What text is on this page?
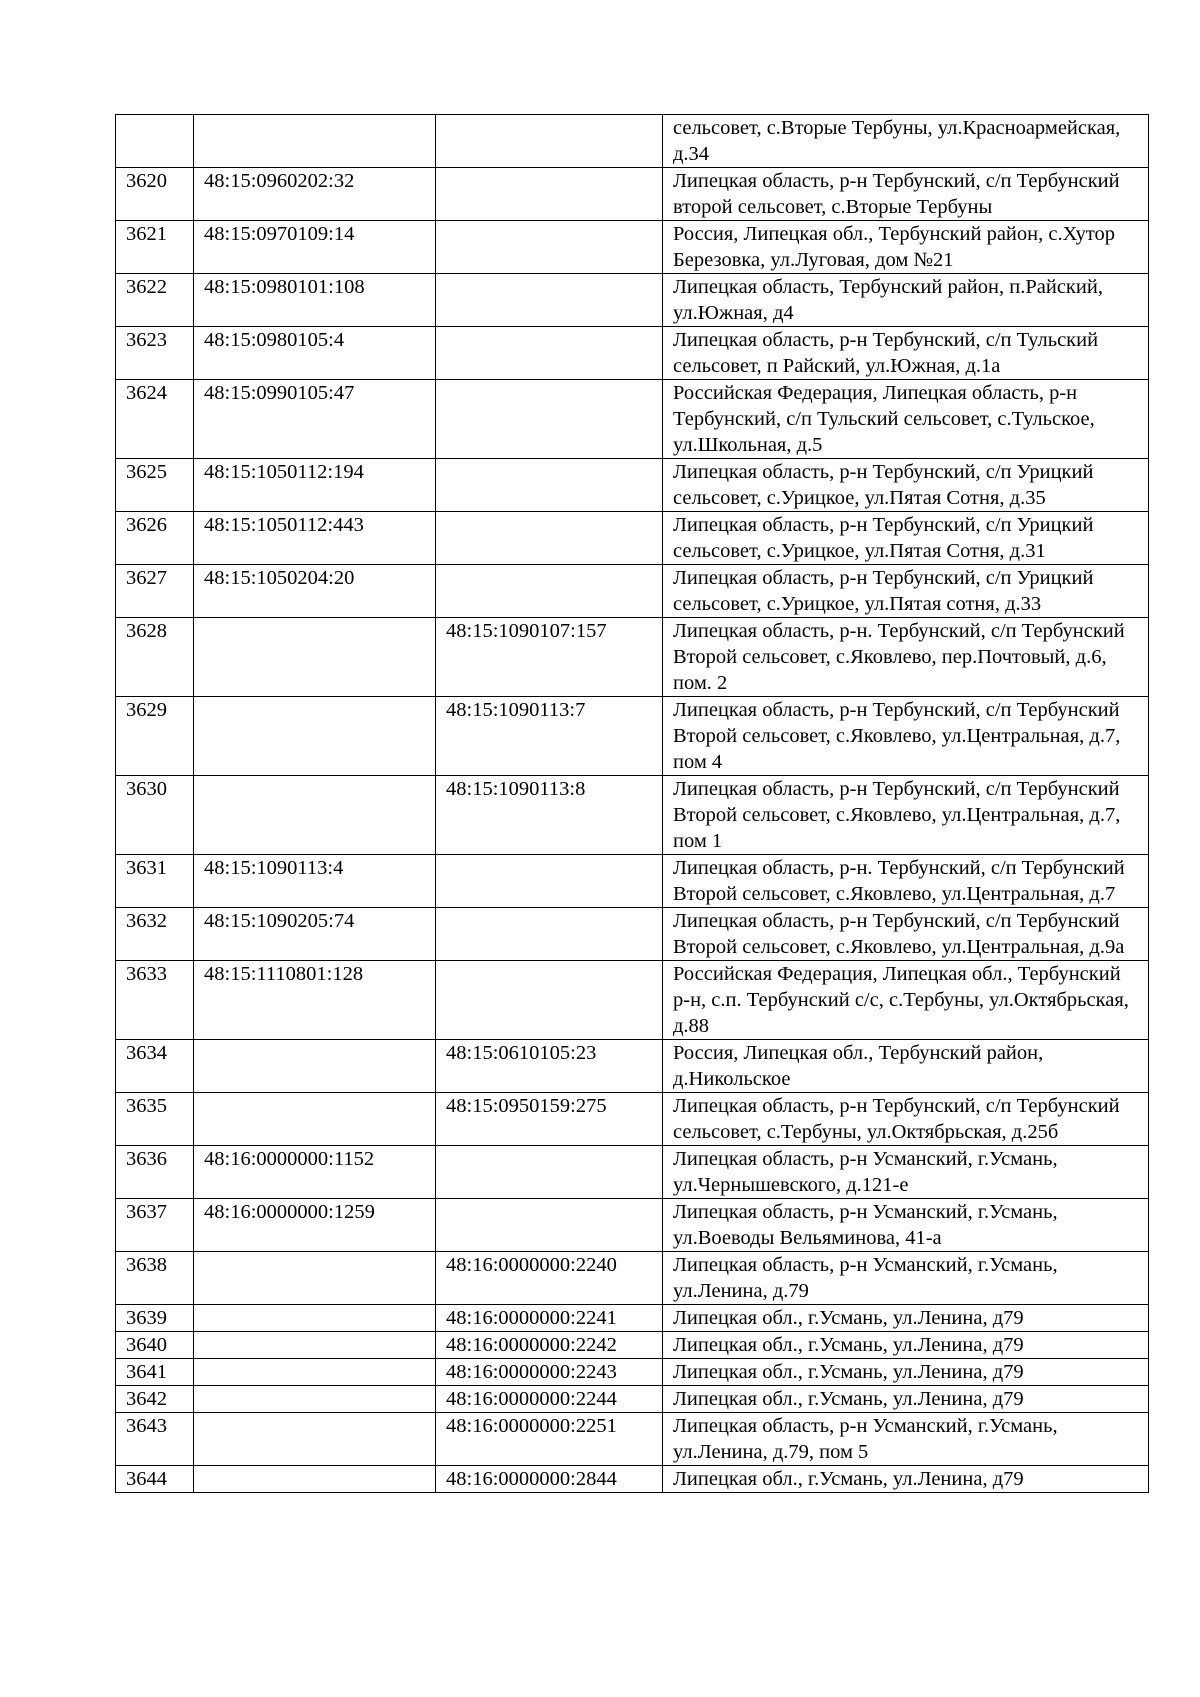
			сельсовет, с.Вторые Тербуны, ул.Красноармейская, д.34
3620	48:15:0960202:32		Липецкая область, р-н Тербунский, с/п Тербунский второй сельсовет, с.Вторые Тербуны
3621	48:15:0970109:14		Россия, Липецкая обл., Тербунский район, с.Хутор Березовка, ул.Луговая, дом №21
3622	48:15:0980101:108		Липецкая область, Тербунский район, п.Райский, ул.Южная, д4
3623	48:15:0980105:4		Липецкая область, р-н Тербунский, с/п Тульский сельсовет, п Райский, ул.Южная, д.1а
3624	48:15:0990105:47		Российская Федерация, Липецкая область, р-н Тербунский, с/п Тульский сельсовет, с.Тульское, ул.Школьная, д.5
3625	48:15:1050112:194		Липецкая область, р-н Тербунский, с/п Урицкий сельсовет, с.Урицкое, ул.Пятая Сотня, д.35
3626	48:15:1050112:443		Липецкая область, р-н Тербунский, с/п Урицкий сельсовет, с.Урицкое, ул.Пятая Сотня, д.31
3627	48:15:1050204:20		Липецкая область, р-н Тербунский, с/п Урицкий сельсовет, с.Урицкое, ул.Пятая сотня, д.33
3628		48:15:1090107:157	Липецкая область, р-н. Тербунский, с/п Тербунский Второй сельсовет, с.Яковлево, пер.Почтовый, д.6, пом. 2
3629		48:15:1090113:7	Липецкая область, р-н Тербунский, с/п Тербунский Второй сельсовет, с.Яковлево, ул.Центральная, д.7, пом 4
3630		48:15:1090113:8	Липецкая область, р-н Тербунский, с/п Тербунский Второй сельсовет, с.Яковлево, ул.Центральная, д.7, пом 1
3631	48:15:1090113:4		Липецкая область, р-н. Тербунский, с/п Тербунский Второй сельсовет, с.Яковлево, ул.Центральная, д.7
3632	48:15:1090205:74		Липецкая область, р-н Тербунский, с/п Тербунский Второй сельсовет, с.Яковлево, ул.Центральная, д.9а
3633	48:15:1110801:128		Российская Федерация, Липецкая обл., Тербунский р-н, с.п. Тербунский с/с, с.Тербуны, ул.Октябрьская, д.88
3634		48:15:0610105:23	Россия, Липецкая обл., Тербунский район, д.Никольское
3635		48:15:0950159:275	Липецкая область, р-н Тербунский, с/п Тербунский сельсовет, с.Тербуны, ул.Октябрьская, д.25б
3636	48:16:0000000:1152		Липецкая область, р-н Усманский, г.Усмань, ул.Чернышевского, д.121-е
3637	48:16:0000000:1259		Липецкая область, р-н Усманский, г.Усмань, ул.Воеводы Вельяминова, 41-а
3638		48:16:0000000:2240	Липецкая область, р-н Усманский, г.Усмань, ул.Ленина, д.79
3639		48:16:0000000:2241	Липецкая обл., г.Усмань, ул.Ленина, д79
3640		48:16:0000000:2242	Липецкая обл., г.Усмань, ул.Ленина, д79
3641		48:16:0000000:2243	Липецкая обл., г.Усмань, ул.Ленина, д79
3642		48:16:0000000:2244	Липецкая обл., г.Усмань, ул.Ленина, д79
3643		48:16:0000000:2251	Липецкая область, р-н Усманский, г.Усмань, ул.Ленина, д.79, пом 5
3644		48:16:0000000:2844	Липецкая обл., г.Усмань, ул.Ленина, д79
